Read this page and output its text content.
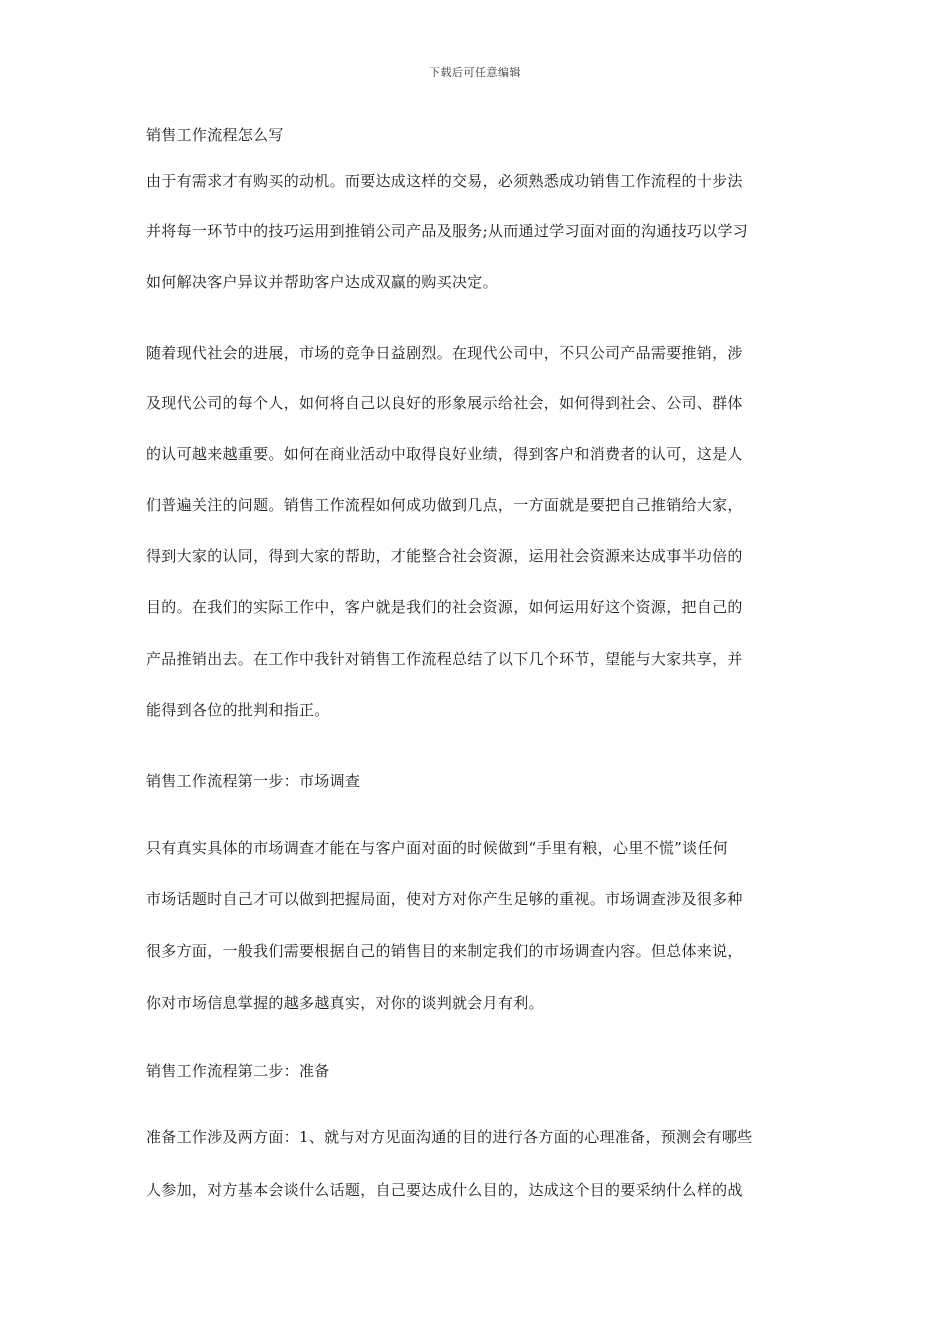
下载后可任意编辑
销售工作流程怎么写
由于有需求才有购买的动机。而要达成这样的交易，必须熟悉成功销售工作流程的十步法
并将每一环节中的技巧运用到推销公司产品及服务;从而通过学习面对面的沟通技巧以学习
如何解决客户异议并帮助客户达成双赢的购买决定。
随着现代社会的进展，市场的竞争日益剧烈。在现代公司中，不只公司产品需要推销，涉
及现代公司的每个人，如何将自己以良好的形象展示给社会，如何得到社会、公司、群体
的认可越来越重要。如何在商业活动中取得良好业绩，得到客户和消费者的认可，这是人
们普遍关注的问题。销售工作流程如何成功做到几点，一方面就是要把自己推销给大家，
得到大家的认同，得到大家的帮助，才能整合社会资源，运用社会资源来达成事半功倍的
目的。在我们的实际工作中，客户就是我们的社会资源，如何运用好这个资源，把自己的
产品推销出去。在工作中我针对销售工作流程总结了以下几个环节，望能与大家共享，并
能得到各位的批判和指正。
销售工作流程第一步：市场调查
只有真实具体的市场调查才能在与客户面对面的时候做到“手里有粮，心里不慌”谈任何
市场话题时自己才可以做到把握局面，使对方对你产生足够的重视。市场调查涉及很多种
很多方面，一般我们需要根据自己的销售目的来制定我们的市场调查内容。但总体来说，
你对市场信息掌握的越多越真实，对你的谈判就会月有利。
销售工作流程第二步：准备
准备工作涉及两方面：1、就与对方见面沟通的目的进行各方面的心理准备，预测会有哪些
人参加，对方基本会谈什么话题，自己要达成什么目的，达成这个目的要采纳什么样的战
